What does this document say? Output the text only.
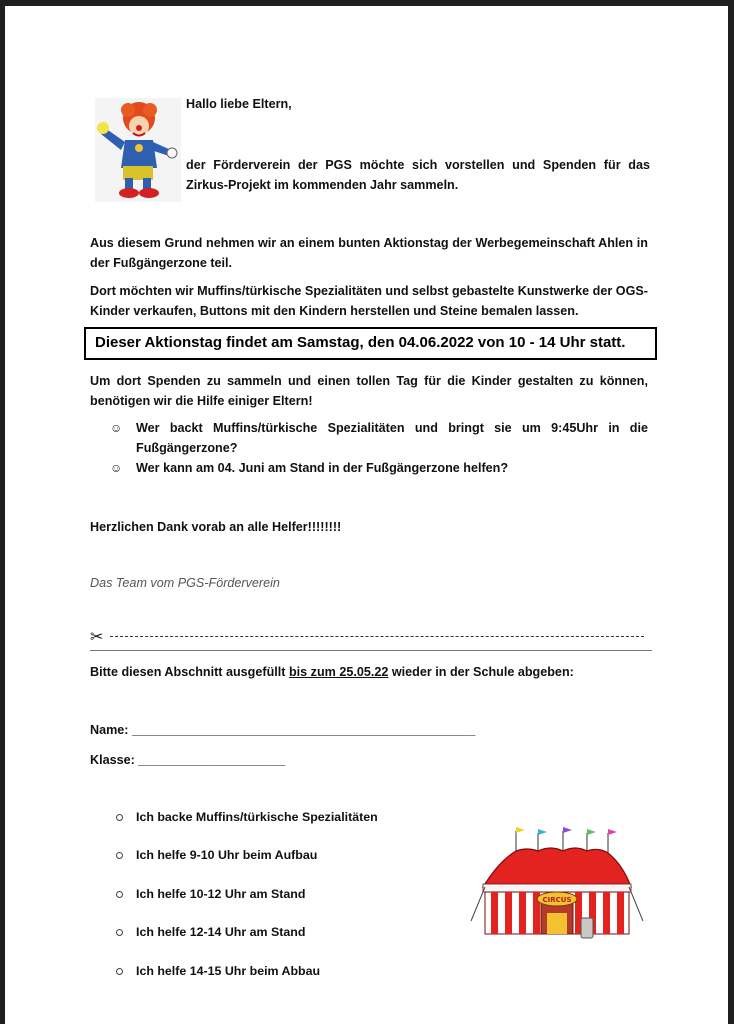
Hallo liebe Eltern,
der Förderverein der PGS möchte sich vorstellen und Spenden für das Zirkus-Projekt im kommenden Jahr sammeln.
Aus diesem Grund nehmen wir an einem bunten Aktionstag der Werbegemeinschaft Ahlen in der Fußgängerzone teil.
Dort möchten wir Muffins/türkische Spezialitäten und selbst gebastelte Kunstwerke der OGS-Kinder verkaufen, Buttons mit den Kindern herstellen und Steine bemalen lassen.
Dieser Aktionstag findet am Samstag, den 04.06.2022 von 10 - 14 Uhr statt.
Um dort Spenden zu sammeln und einen tollen Tag für die Kinder gestalten zu können, benötigen wir die Hilfe einiger Eltern!
☺ Wer backt Muffins/türkische Spezialitäten und bringt sie um 9:45Uhr in die Fußgängerzone?
☺ Wer kann am 04. Juni am Stand in der Fußgängerzone helfen?
Herzlichen Dank vorab an alle Helfer!!!!!!!!
Das Team vom PGS-Förderverein
✂
Bitte diesen Abschnitt ausgefüllt bis zum 25.05.22 wieder in der Schule abgeben:
Name: _________________________________________________
Klasse: _____________________
Ich backe Muffins/türkische Spezialitäten
Ich helfe 9-10 Uhr beim Aufbau
Ich helfe 10-12 Uhr am Stand
Ich helfe 12-14 Uhr am Stand
Ich helfe 14-15 Uhr beim Abbau
CIRCUS
